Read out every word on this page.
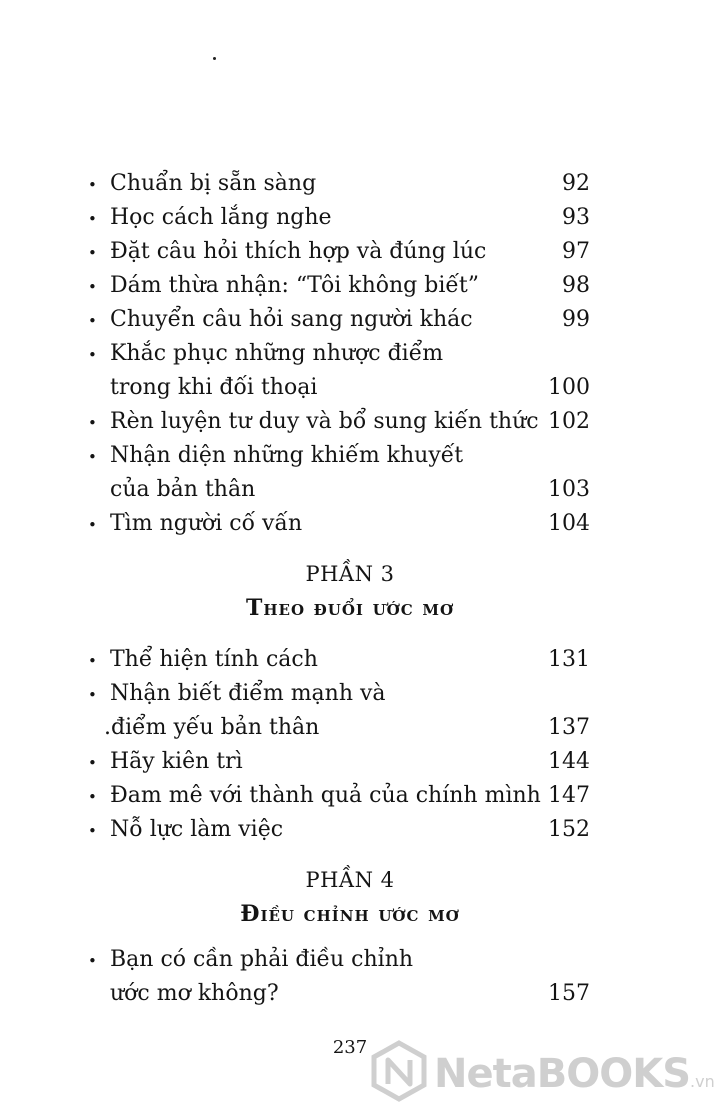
• Chuẩn bị sẵn sàng	92
• Học cách lắng nghe	93
• Đặt câu hỏi thích hợp và đúng lúc	97
• Dám thừa nhận: “Tôi không biết”	98
• Chuyển câu hỏi sang người khác	99
• Khắc phục những nhược điểm
trong khi đối thoại	100
• Rèn luyện tư duy và bổ sung kiến thức 102
• Nhận diện những khiếm khuyết
của bản thân	103
• Tìm người cố vấn	104
PHẦN 3
Theo đuổi ước mơ
• Thể hiện tính cách	131
• Nhận biết điểm mạnh và
.điểm yếu bản thân	137
• Hãy kiên trì	144
• Đam mê với thành quả của chính mình 147
• Nỗ lực làm việc	152
PHẦN 4
Điều chỉnh ước mơ
• Bạn có cần phải điều chỉnh
ước mơ không?	157
237
NetaBOOKS.vn
